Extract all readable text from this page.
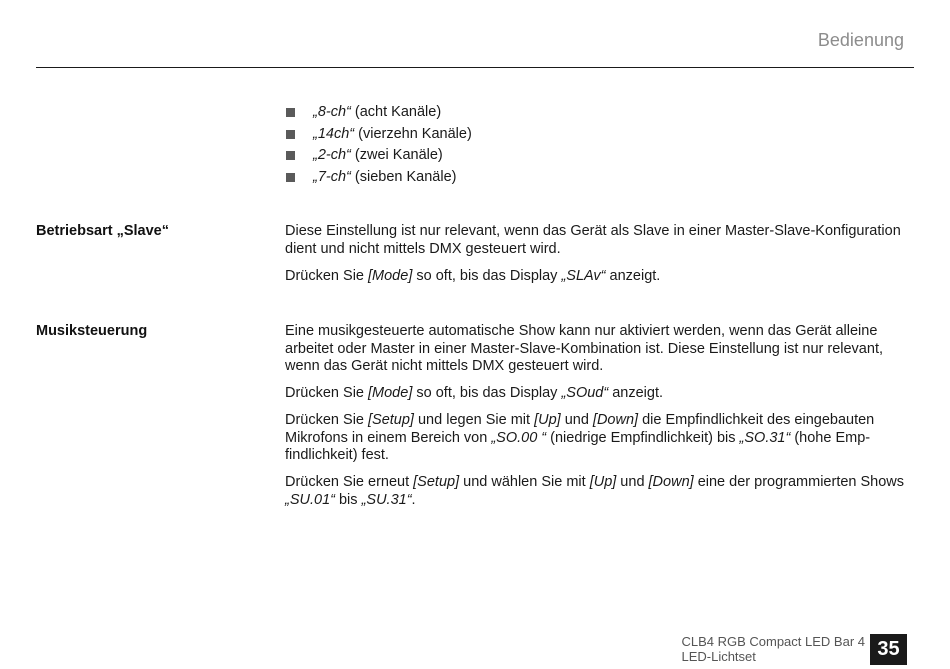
Bedienung
„8-ch“
(acht Kanäle)
„14ch“
(vierzehn Kanäle)
„2-ch“
(zwei Kanäle)
„7-ch“
(sieben Kanäle)
Betriebsart „Slave“	Diese Einstellung ist nur relevant, wenn das Gerät als Slave in einer Master-Slave-Konfiguration dient und nicht mittels DMX gesteuert wird.

Drücken Sie [Mode] so oft, bis das Display „SLAv“ anzeigt.

Musiksteuerung	Eine musikgesteuerte automatische Show kann nur aktiviert werden, wenn das Gerät alleine arbeitet oder Master in einer Master-Slave-Kombination ist. Diese Einstellung ist nur relevant, wenn das Gerät nicht mittels DMX gesteuert wird.

Drücken Sie [Mode] so oft, bis das Display „SOud“ anzeigt.

Drücken Sie [Setup] und legen Sie mit [Up] und [Down] die Empfindlichkeit des eingebauten Mikrofons in einem Bereich von „SO.00 “ (niedrige Empfindlichkeit) bis „SO.31“ (hohe Empfindlichkeit) fest.

Drücken Sie erneut [Setup] und wählen Sie mit [Up] und [Down] eine der programmierten Shows „SU.01“ bis „SU.31“.

CLB4 RGB Compact LED Bar 4
LED-Lichtset	35
